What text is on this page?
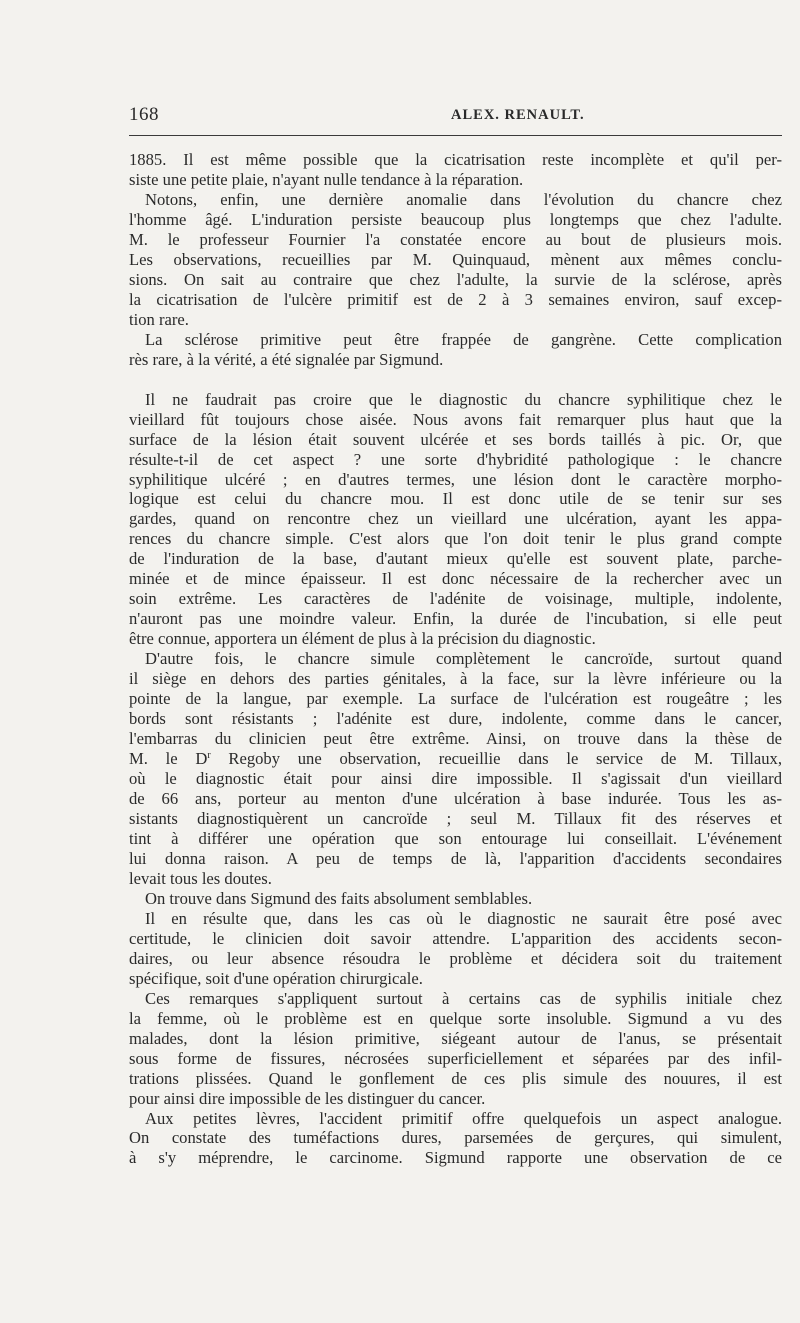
168	ALEX. RENAULT.
1885. Il est même possible que la cicatrisation reste incomplète et qu'il per-
siste une petite plaie, n'ayant nulle tendance à la réparation.
Notons, enfin, une dernière anomalie dans l'évolution du chancre chez
l'homme âgé. L'induration persiste beaucoup plus longtemps que chez l'adulte.
M. le professeur Fournier l'a constatée encore au bout de plusieurs mois.
Les observations, recueillies par M. Quinquaud, mènent aux mêmes conclu-
sions. On sait au contraire que chez l'adulte, la survie de la sclérose, après
la cicatrisation de l'ulcère primitif est de 2 à 3 semaines environ, sauf excep-
tion rare.
La sclérose primitive peut être frappée de gangrène. Cette complication
rès rare, à la vérité, a été signalée par Sigmund.
Il ne faudrait pas croire que le diagnostic du chancre syphilitique chez le
vieillard fût toujours chose aisée. Nous avons fait remarquer plus haut que la
surface de la lésion était souvent ulcérée et ses bords taillés à pic. Or, que
résulte-t-il de cet aspect ? une sorte d'hybridité pathologique : le chancre
syphilitique ulcéré ; en d'autres termes, une lésion dont le caractère morpho-
logique est celui du chancre mou. Il est donc utile de se tenir sur ses
gardes, quand on rencontre chez un vieillard une ulcération, ayant les appa-
rences du chancre simple. C'est alors que l'on doit tenir le plus grand compte
de l'induration de la base, d'autant mieux qu'elle est souvent plate, parche-
minée et de mince épaisseur. Il est donc nécessaire de la rechercher avec un
soin extrême. Les caractères de l'adénite de voisinage, multiple, indolente,
n'auront pas une moindre valeur. Enfin, la durée de l'incubation, si elle peut
être connue, apportera un élément de plus à la précision du diagnostic.
D'autre fois, le chancre simule complètement le cancroïde, surtout quand
il siège en dehors des parties génitales, à la face, sur la lèvre inférieure ou la
pointe de la langue, par exemple. La surface de l'ulcération est rougeâtre ; les
bords sont résistants ; l'adénite est dure, indolente, comme dans le cancer,
l'embarras du clinicien peut être extrême. Ainsi, on trouve dans la thèse de
M. le $D^r$ Regoby une observation, recueillie dans le service de M. Tillaux,
où le diagnostic était pour ainsi dire impossible. Il s'agissait d'un vieillard
de 66 ans, porteur au menton d'une ulcération à base indurée. Tous les as-
sistants diagnostiquèrent un cancroïde ; seul M. Tillaux fit des réserves et
tint à différer une opération que son entourage lui conseillait. L'événement
lui donna raison. A peu de temps de là, l'apparition d'accidents secondaires
levait tous les doutes.
On trouve dans Sigmund des faits absolument semblables.
Il en résulte que, dans les cas où le diagnostic ne saurait être posé avec
certitude, le clinicien doit savoir attendre. L'apparition des accidents secon-
daires, ou leur absence résoudra le problème et décidera soit du traitement
spécifique, soit d'une opération chirurgicale.
Ces remarques s'appliquent surtout à certains cas de syphilis initiale chez
la femme, où le problème est en quelque sorte insoluble. Sigmund a vu des
malades, dont la lésion primitive, siégeant autour de l'anus, se présentait
sous forme de fissures, nécrosées superficiellement et séparées par des infil-
trations plissées. Quand le gonflement de ces plis simule des nouures, il est
pour ainsi dire impossible de les distinguer du cancer.
Aux petites lèvres, l'accident primitif offre quelquefois un aspect analogue.
On constate des tuméfactions dures, parsemées de gerçures, qui simulent,
à s'y méprendre, le carcinome. Sigmund rapporte une observation de ce
